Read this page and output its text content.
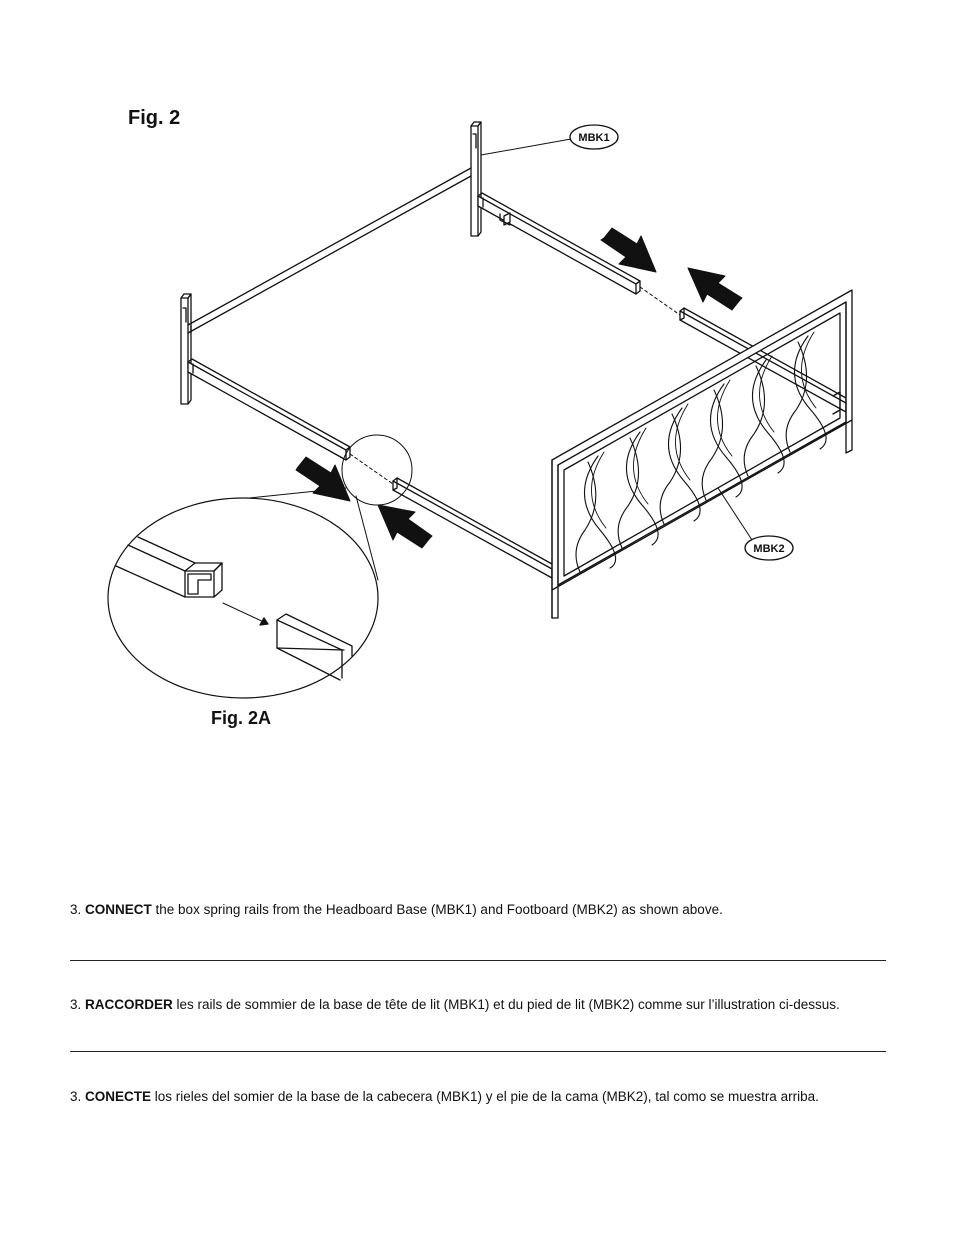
Fig. 2
MBK1
MBK2
Fig. 2A
3. CONNECT the box spring rails from the Headboard Base (MBK1) and Footboard (MBK2) as shown above.
3. RACCORDER les rails de sommier de la base de tête de lit (MBK1) et du pied de lit (MBK2) comme sur l’illustration ci-dessus.
3. CONECTE los rieles del somier de la base de la cabecera (MBK1) y el pie de la cama (MBK2), tal como se muestra arriba.
